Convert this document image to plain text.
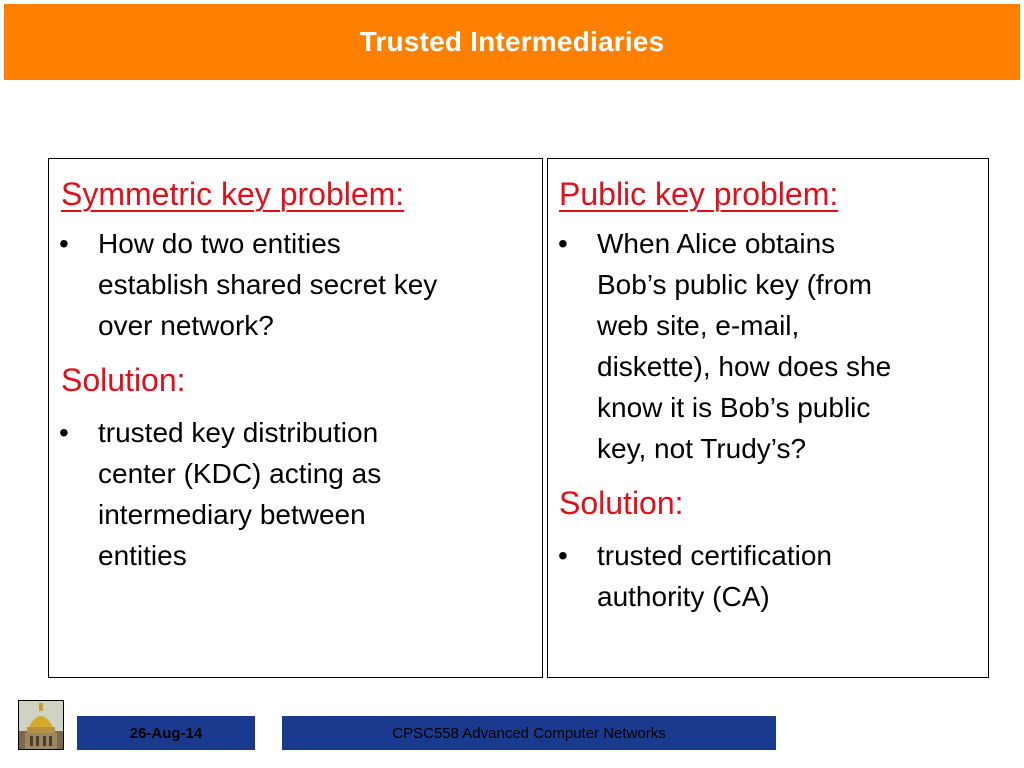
Trusted Intermediaries
Symmetric key problem:
• How do two entities
establish shared secret key
over network?
Solution:
• trusted key distribution
center (KDC) acting as
intermediary between
entities
Public key problem:
• When Alice obtains
Bob’s public key (from
web site, e-mail,
diskette), how does she
know it is Bob’s public
key, not Trudy’s?
Solution:
• trusted certification
authority (CA)
26-Aug-14	CPSC558 Advanced Computer Networks
